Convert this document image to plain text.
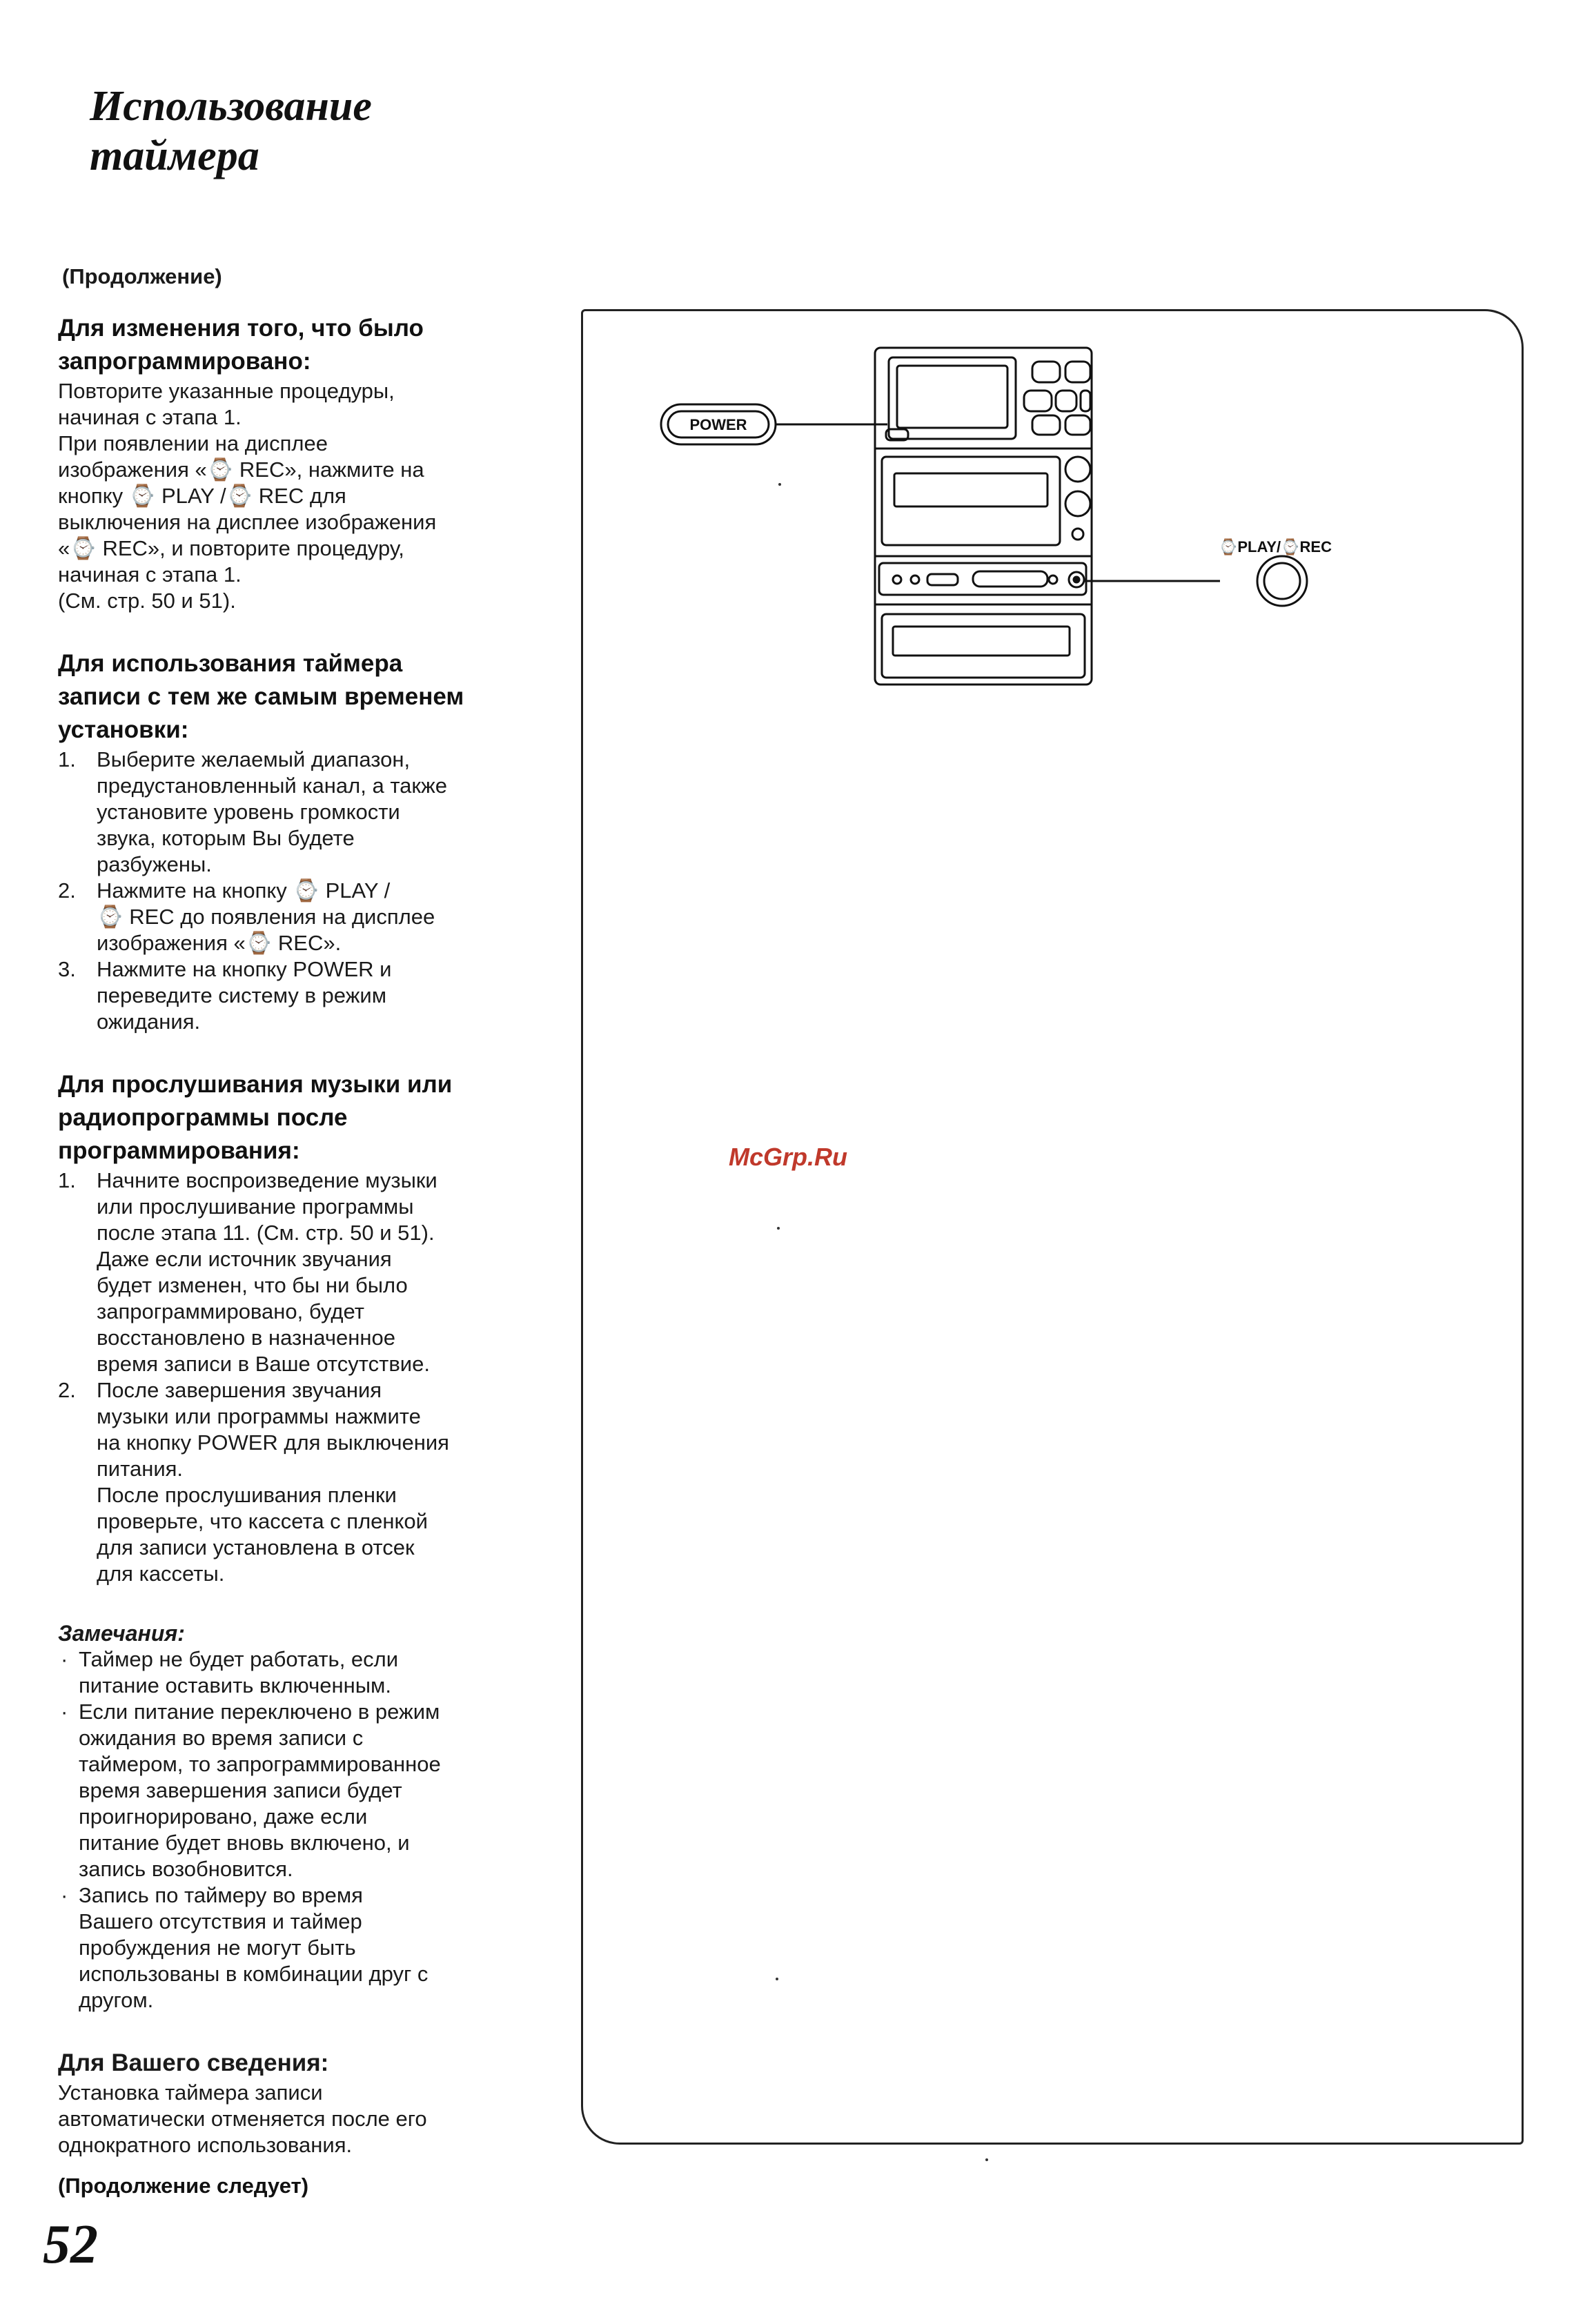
Использование
таймера

(Продолжение)

Для изменения того, что было
запрограммировано:

Повторите указанные процедуры,
начиная с этапа 1.
При появлении на дисплее
изображения «⌚ REC», нажмите на
кнопку ⌚ PLAY /⌚ REC для
выключения на дисплее изображения
«⌚ REC», и повторите процедуру,
начиная с этапа 1.
(См. стр. 50 и 51).

Для использования таймера
записи с тем же самым временем
установки:
1. Выберите желаемый диапазон,
предустановленный канал, а также
установите уровень громкости
звука, которым Вы будете
разбужены.
2. Нажмите на кнопку ⌚ PLAY /
⌚ REC до появления на дисплее
изображения «⌚ REC».
3. Нажмите на кнопку POWER и
переведите систему в режим
ожидания.
Для прослушивания музыки или
радиопрограммы после
программирования:
1. Начните воспроизведение музыки
или прослушивание программы
после этапа 11. (См. стр. 50 и 51).
Даже если источник звучания
будет изменен, что бы ни было
запрограммировано, будет
восстановлено в назначенное
время записи в Ваше отсутствие.
2. После завершения звучания
музыки или программы нажмите
на кнопку POWER для выключения
питания.
После прослушивания пленки
проверьте, что кассета с пленкой
для записи установлена в отсек
для кассеты.

Замечания:

· Таймер не будет работать, если
питание оставить включенным.
· Если питание переключено в режим
ожидания во время записи с
таймером, то запрограммированное
время завершения записи будет
проигнорировано, даже если
питание будет вновь включено, и
запись возобновится.
· Запись по таймеру во время
Вашего отсутствия и таймер
пробуждения не могут быть
использованы в комбинации друг с
другом.
Для Вашего сведения:

Установка таймера записи
автоматически отменяется после его
однократного использования.

(Продолжение следует)

52

POWER
⌚PLAY/⌚REC

McGrp.Ru
